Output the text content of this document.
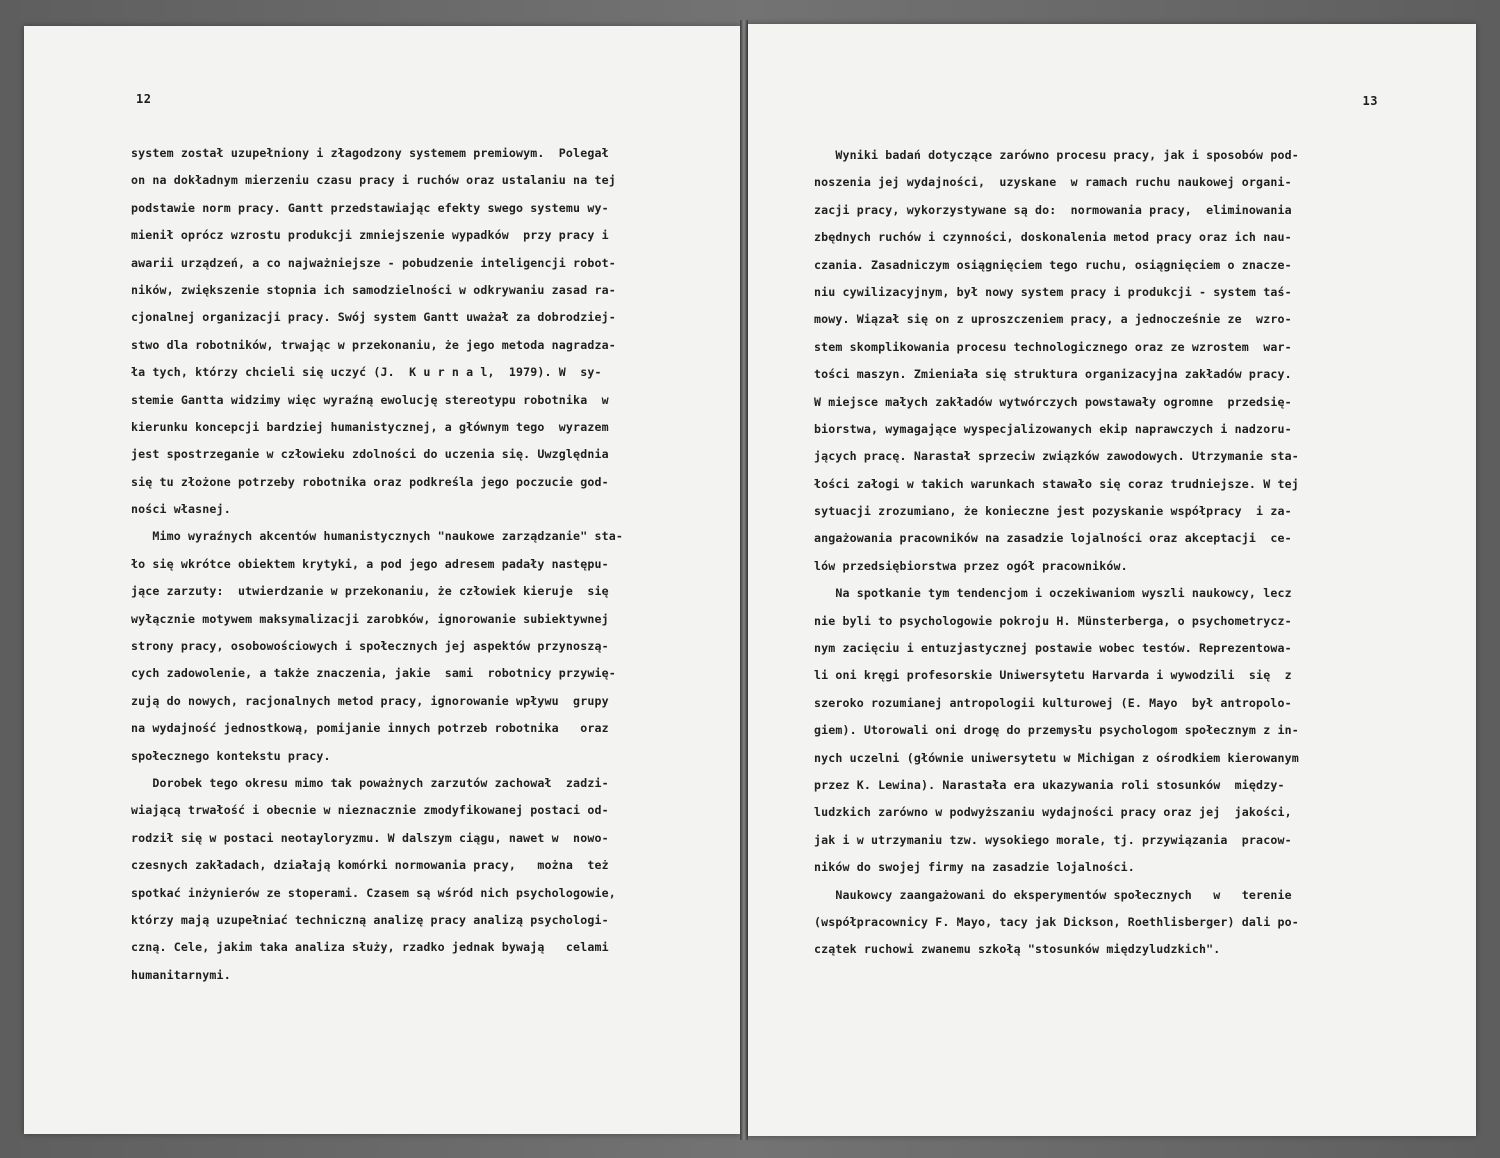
12
system został uzupełniony i złagodzony systemem premiowym.  Polegał
on na dokładnym mierzeniu czasu pracy i ruchów oraz ustalaniu na tej
podstawie norm pracy. Gantt przedstawiając efekty swego systemu wy-
mienił oprócz wzrostu produkcji zmniejszenie wypadków  przy pracy i
awarii urządzeń, a co najważniejsze - pobudzenie inteligencji robot-
ników, zwiększenie stopnia ich samodzielności w odkrywaniu zasad ra-
cjonalnej organizacji pracy. Swój system Gantt uważał za dobrodziej-
stwo dla robotników, trwając w przekonaniu, że jego metoda nagradza-
ła tych, którzy chcieli się uczyć (J.  K u r n a l,  1979). W  sy-
stemie Gantta widzimy więc wyraźną ewolucję stereotypu robotnika  w
kierunku koncepcji bardziej humanistycznej, a głównym tego  wyrazem
jest spostrzeganie w człowieku zdolności do uczenia się. Uwzględnia
się tu złożone potrzeby robotnika oraz podkreśla jego poczucie god-
ności własnej.
Mimo wyraźnych akcentów humanistycznych "naukowe zarządzanie" sta-
ło się wkrótce obiektem krytyki, a pod jego adresem padały następu-
jące zarzuty:  utwierdzanie w przekonaniu, że człowiek kieruje  się
wyłącznie motywem maksymalizacji zarobków, ignorowanie subiektywnej
strony pracy, osobowościowych i społecznych jej aspektów przynoszą-
cych zadowolenie, a także znaczenia, jakie  sami  robotnicy przywię-
zują do nowych, racjonalnych metod pracy, ignorowanie wpływu  grupy
na wydajność jednostkową, pomijanie innych potrzeb robotnika   oraz
społecznego kontekstu pracy.
Dorobek tego okresu mimo tak poważnych zarzutów zachował  zadzi-
wiającą trwałość i obecnie w nieznacznie zmodyfikowanej postaci od-
rodził się w postaci neotayloryzmu. W dalszym ciągu, nawet w  nowo-
czesnych zakładach, działają komórki normowania pracy,   można  też
spotkać inżynierów ze stoperami. Czasem są wśród nich psychologowie,
którzy mają uzupełniać techniczną analizę pracy analizą psychologi-
czną. Cele, jakim taka analiza służy, rzadko jednak bywają   celami
humanitarnymi.
13
Wyniki badań dotyczące zarówno procesu pracy, jak i sposobów pod-
noszenia jej wydajności,  uzyskane  w ramach ruchu naukowej organi-
zacji pracy, wykorzystywane są do:  normowania pracy,  eliminowania
zbędnych ruchów i czynności, doskonalenia metod pracy oraz ich nau-
czania. Zasadniczym osiągnięciem tego ruchu, osiągnięciem o znacze-
niu cywilizacyjnym, był nowy system pracy i produkcji - system taś-
mowy. Wiązał się on z uproszczeniem pracy, a jednocześnie ze  wzro-
stem skomplikowania procesu technologicznego oraz ze wzrostem  war-
tości maszyn. Zmieniała się struktura organizacyjna zakładów pracy.
W miejsce małych zakładów wytwórczych powstawały ogromne  przedsię-
biorstwa, wymagające wyspecjalizowanych ekip naprawczych i nadzoru-
jących pracę. Narastał sprzeciw związków zawodowych. Utrzymanie sta-
łości załogi w takich warunkach stawało się coraz trudniejsze. W tej
sytuacji zrozumiano, że konieczne jest pozyskanie współpracy  i za-
angażowania pracowników na zasadzie lojalności oraz akceptacji  ce-
lów przedsiębiorstwa przez ogół pracowników.
Na spotkanie tym tendencjom i oczekiwaniom wyszli naukowcy, lecz
nie byli to psychologowie pokroju H. Münsterberga, o psychometrycz-
nym zacięciu i entuzjastycznej postawie wobec testów. Reprezentowa-
li oni kręgi profesorskie Uniwersytetu Harvarda i wywodzili  się  z
szeroko rozumianej antropologii kulturowej (E. Mayo  był antropolo-
giem). Utorowali oni drogę do przemysłu psychologom społecznym z in-
nych uczelni (głównie uniwersytetu w Michigan z ośrodkiem kierowanym
przez K. Lewina). Narastała era ukazywania roli stosunków  między-
ludzkich zarówno w podwyższaniu wydajności pracy oraz jej  jakości,
jak i w utrzymaniu tzw. wysokiego morale, tj. przywiązania  pracow-
ników do swojej firmy na zasadzie lojalności.
Naukowcy zaangażowani do eksperymentów społecznych   w   terenie
(współpracownicy F. Mayo, tacy jak Dickson, Roethlisberger) dali po-
czątek ruchowi zwanemu szkołą "stosunków międzyludzkich".
